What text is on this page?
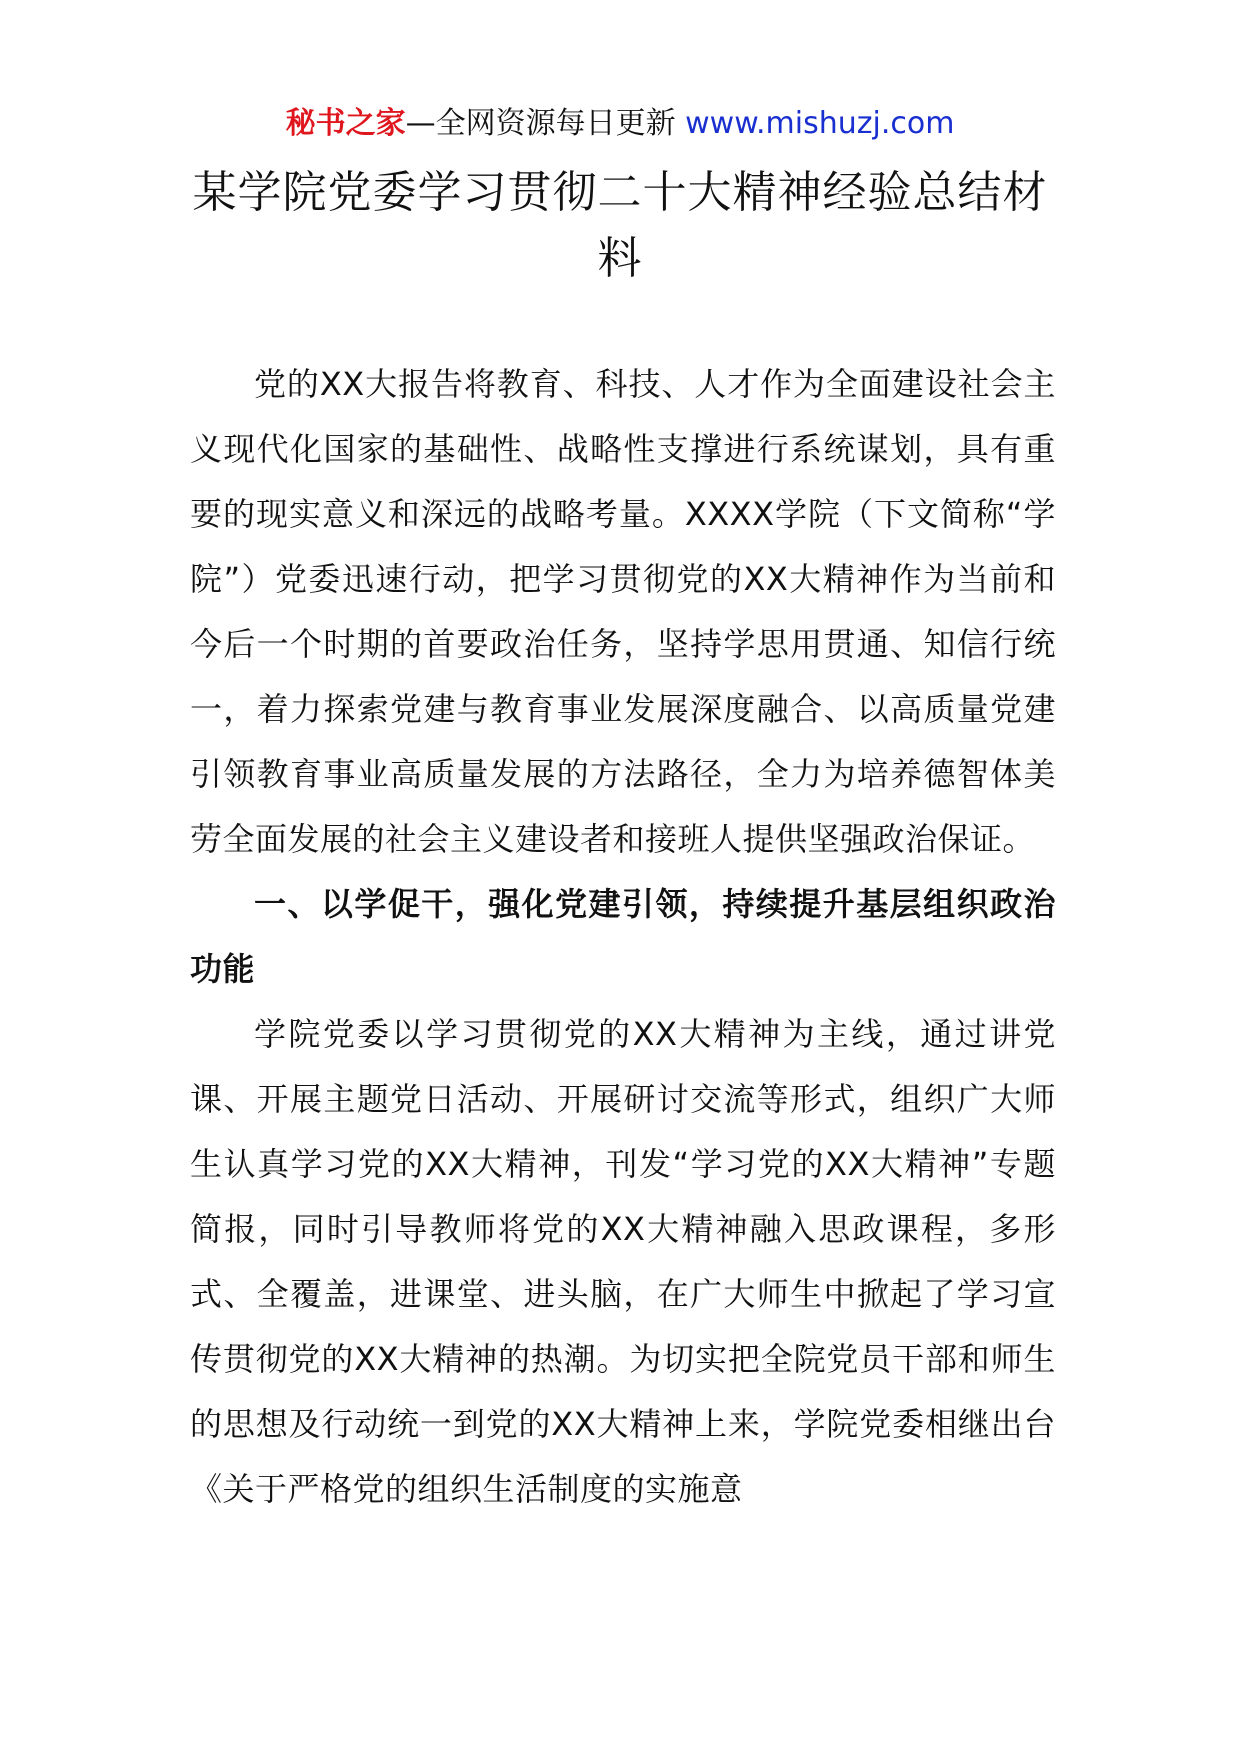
秘书之家—全网资源每日更新 www.mishuzj.com
某学院党委学习贯彻二十大精神经验总结材料

党的XX大报告将教育、科技、人才作为全面建设社会主义现代化国家的基础性、战略性支撑进行系统谋划，具有重要的现实意义和深远的战略考量。XXXX学院（下文简称“学院”）党委迅速行动，把学习贯彻党的XX大精神作为当前和今后一个时期的首要政治任务，坚持学思用贯通、知信行统一，着力探索党建与教育事业发展深度融合、以高质量党建引领教育事业高质量发展的方法路径，全力为培养德智体美劳全面发展的社会主义建设者和接班人提供坚强政治保证。

一、以学促干，强化党建引领，持续提升基层组织政治功能

学院党委以学习贯彻党的XX大精神为主线，通过讲党课、开展主题党日活动、开展研讨交流等形式，组织广大师生认真学习党的XX大精神，刊发“学习党的XX大精神”专题简报，同时引导教师将党的XX大精神融入思政课程，多形式、全覆盖，进课堂、进头脑，在广大师生中掀起了学习宣传贯彻党的XX大精神的热潮。为切实把全院党员干部和师生的思想及行动统一到党的XX大精神上来，学院党委相继出台《关于严格党的组织生活制度的实施意
